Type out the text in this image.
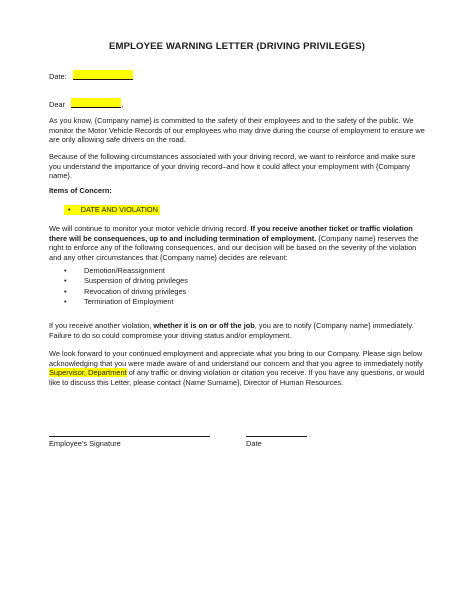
EMPLOYEE WARNING LETTER (DRIVING PRIVILEGES)
Date:
Dear	,
As you know, {Company name} is committed to the safety of their employees and to the safety of the public. We monitor the Motor Vehicle Records of our employees who may drive during the course of employment to ensure we are only allowing safe drivers on the road.
Because of the following circumstances associated with your driving record, we want to reinforce and make sure you understand the importance of your driving record–and how it could affect your employment with {Company name}.
Items of Concern:
• DATE AND VIOLATION
We will continue to monitor your motor vehicle driving record. If you receive another ticket or traffic violation there will be consequences, up to and including termination of employment. {Company name} reserves the right to enforce any of the following consequences, and our decision will be based on the severity of the violation and any other circumstances that {Company name} decides are relevant:
• Demotion/Reassignment
• Suspension of driving privileges
• Revocation of driving privileges
• Termination of Employment
If you receive another violation, whether it is on or off the job, you are to notify {Company name} immediately. Failure to do so could compromise your driving status and/or employment.
We look forward to your continued employment and appreciate what you bring to our Company. Please sign below acknowledging that you were made aware of and understand our concern and that you agree to immediately notify Supervisor, Department of any traffic or driving violation or citation you receive. If you have any questions, or would like to discuss this Letter, please contact {Name Surname}, Director of Human Resources.
Employee’s Signature	Date
